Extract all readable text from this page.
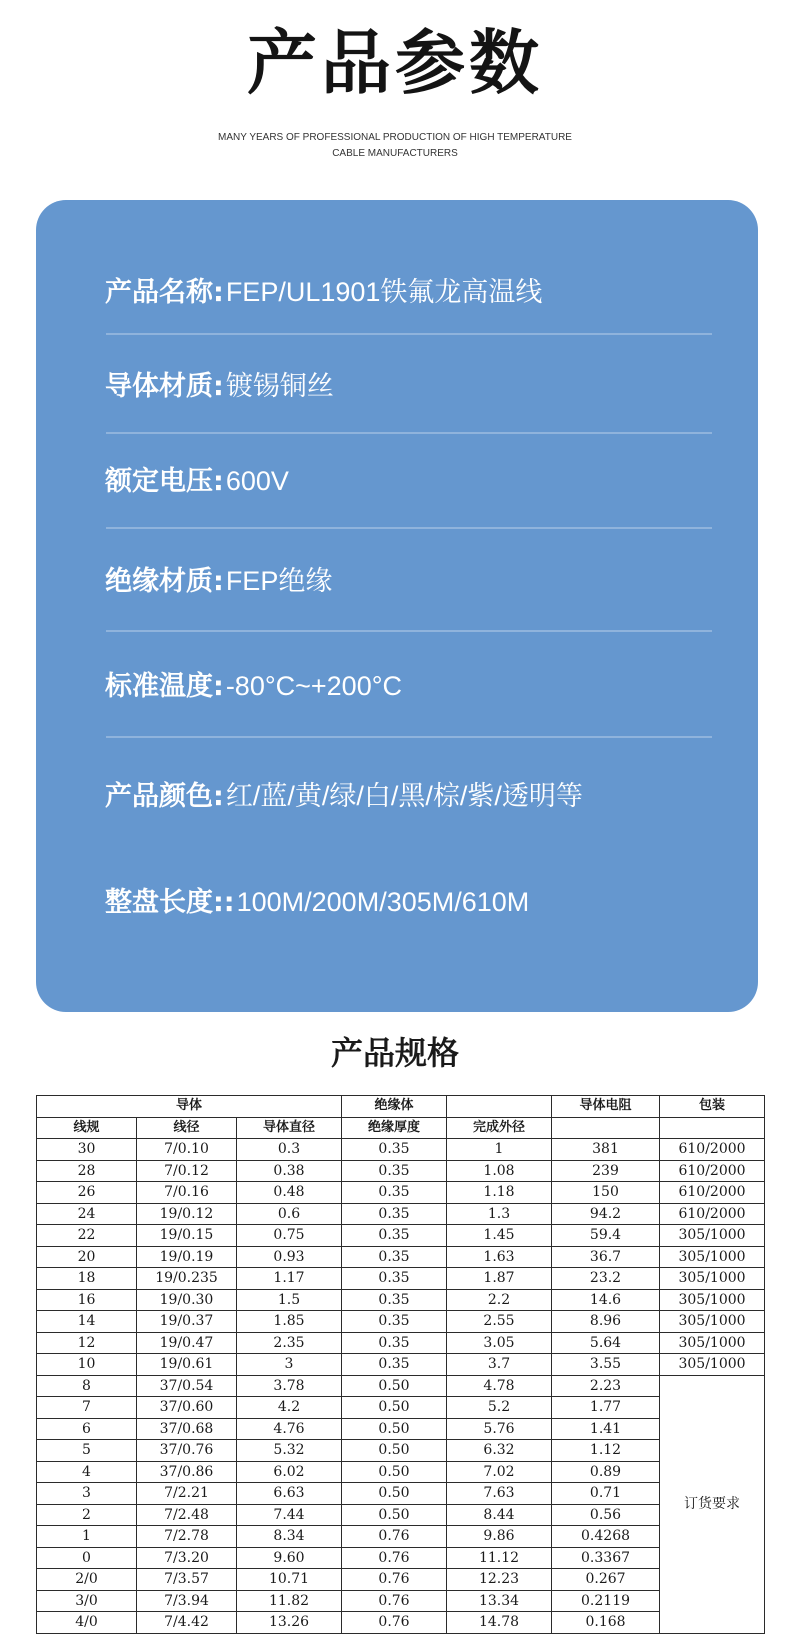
产品参数
MANY YEARS OF PROFESSIONAL PRODUCTION OF HIGH TEMPERATURE
CABLE MANUFACTURERS
产品名称:FEP/UL1901铁氟龙高温线
导体材质:镀锡铜丝
额定电压:600V
绝缘材质:FEP绝缘
标准温度:-80°C~+200°C
产品颜色:红/蓝/黄/绿/白/黑/棕/紫/透明等
整盘长度::100M/200M/305M/610M
产品规格
导体			绝缘体		导体电阻	包装
线规	线径	导体直径	绝缘厚度	完成外径		
30	7/0.10	0.3	0.35	1	381	610/2000
28	7/0.12	0.38	0.35	1.08	239	610/2000
26	7/0.16	0.48	0.35	1.18	150	610/2000
24	19/0.12	0.6	0.35	1.3	94.2	610/2000
22	19/0.15	0.75	0.35	1.45	59.4	305/1000
20	19/0.19	0.93	0.35	1.63	36.7	305/1000
18	19/0.235	1.17	0.35	1.87	23.2	305/1000
16	19/0.30	1.5	0.35	2.2	14.6	305/1000
14	19/0.37	1.85	0.35	2.55	8.96	305/1000
12	19/0.47	2.35	0.35	3.05	5.64	305/1000
10	19/0.61	3	0.35	3.7	3.55	305/1000
8	37/0.54	3.78	0.50	4.78	2.23	订货要求
7	37/0.60	4.2	0.50	5.2	1.77	
6	37/0.68	4.76	0.50	5.76	1.41	
5	37/0.76	5.32	0.50	6.32	1.12	
4	37/0.86	6.02	0.50	7.02	0.89	
3	7/2.21	6.63	0.50	7.63	0.71	
2	7/2.48	7.44	0.50	8.44	0.56	
1	7/2.78	8.34	0.76	9.86	0.4268	
0	7/3.20	9.60	0.76	11.12	0.3367	
2/0	7/3.57	10.71	0.76	12.23	0.267	
3/0	7/3.94	11.82	0.76	13.34	0.2119	
4/0	7/4.42	13.26	0.76	14.78	0.168	
